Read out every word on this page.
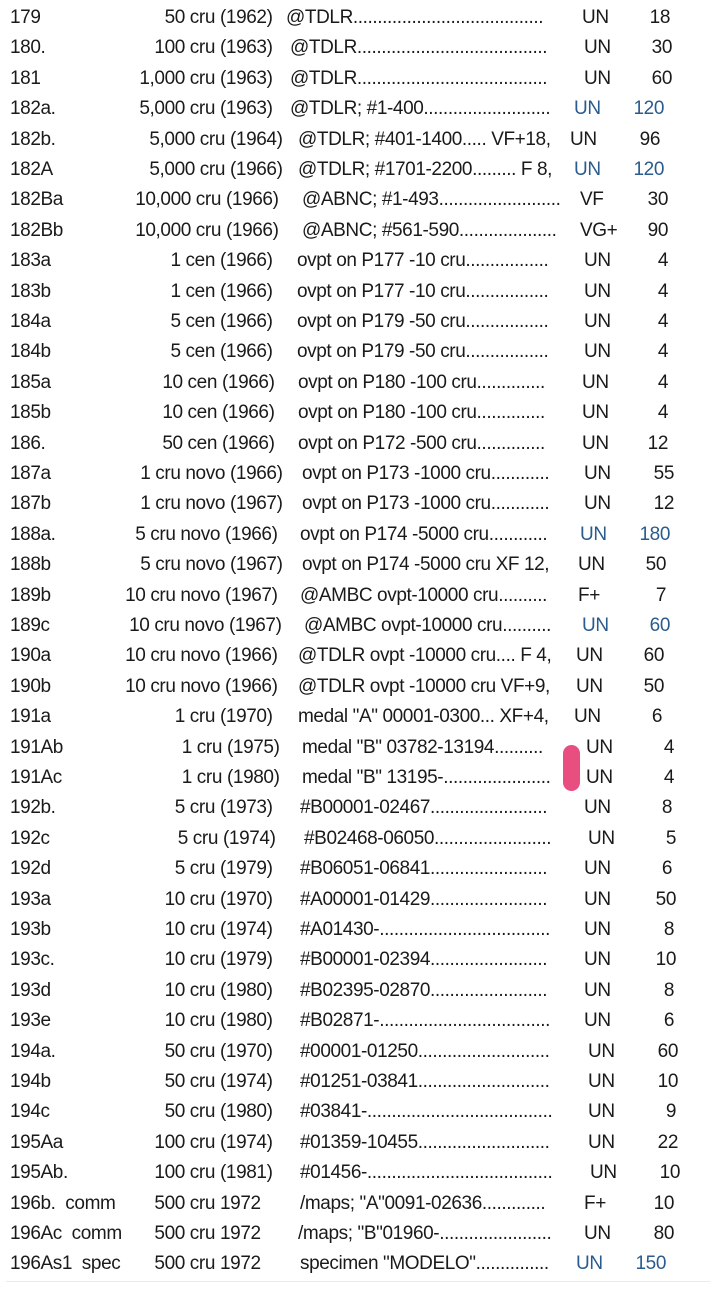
179	50 cru (1962) @TDLR....................................... UN	18
180.	100 cru (1963) @TDLR....................................... UN	30
181	1,000 cru (1963) @TDLR....................................... UN	60
182a.	5,000 cru (1963) @TDLR; #1-400.......................... UN	120
182b.	5,000 cru (1964) @TDLR; #401-1400..... VF+18, UN	96
182A	5,000 cru (1966) @TDLR; #1701-2200......... F 8, UN	120
182Ba	10,000 cru (1966) @ABNC; #1-493......................... VF	30
182Bb	10,000 cru (1966) @ABNC; #561-590.................... VG+	90
183a	1 cen (1966) ovpt on P177 -10 cru................. UN	4
183b	1 cen (1966) ovpt on P177 -10 cru................. UN	4
184a	5 cen (1966) ovpt on P179 -50 cru................. UN	4
184b	5 cen (1966) ovpt on P179 -50 cru................. UN	4
185a	10 cen (1966) ovpt on P180 -100 cru.............. UN	4
185b	10 cen (1966) ovpt on P180 -100 cru.............. UN	4
186.	50 cen (1966) ovpt on P172 -500 cru.............. UN	12
187a	1 cru novo (1966) ovpt on P173 -1000 cru............ UN	55
187b	1 cru novo (1967) ovpt on P173 -1000 cru............ UN	12
188a.	5 cru novo (1966) ovpt on P174 -5000 cru............ UN	180
188b	5 cru novo (1967) ovpt on P174 -5000 cru XF 12, UN	50
189b	10 cru novo (1967) @AMBC ovpt-10000 cru.......... F+	7
189c	10 cru novo (1967) @AMBC ovpt-10000 cru.......... UN	60
190a	10 cru novo (1966) @TDLR ovpt -10000 cru.... F 4, UN	60
190b	10 cru novo (1966) @TDLR ovpt -10000 cru VF+9, UN	50
191a	1 cru (1970) medal "A" 00001-0300... XF+4, UN	6
191Ab	1 cru (1975) medal "B" 03782-13194.......... UN	4
191Ac	1 cru (1980) medal "B" 13195-...................... UN	4
192b.	5 cru (1973) #B00001-02467........................ UN	8
192c	5 cru (1974) #B02468-06050........................ UN	5
192d	5 cru (1979) #B06051-06841........................ UN	6
193a	10 cru (1970) #A00001-01429........................ UN	50
193b	10 cru (1974) #A01430-................................... UN	8
193c.	10 cru (1979) #B00001-02394........................ UN	10
193d	10 cru (1980) #B02395-02870........................ UN	8
193e	10 cru (1980) #B02871-................................... UN	6
194a.	50 cru (1970) #00001-01250........................... UN	60
194b	50 cru (1974) #01251-03841........................... UN	10
194c	50 cru (1980) #03841-...................................... UN	9
195Aa	100 cru (1974) #01359-10455........................... UN	22
195Ab.	100 cru (1981) #01456-...................................... UN	10
196b.  comm 500 cru 1972 /maps; "A"0091-02636............. F+	10
196Ac  comm 500 cru 1972 /maps; "B"01960-....................... UN	80
196As1  spec 500 cru 1972 specimen "MODELO"............... UN	150
